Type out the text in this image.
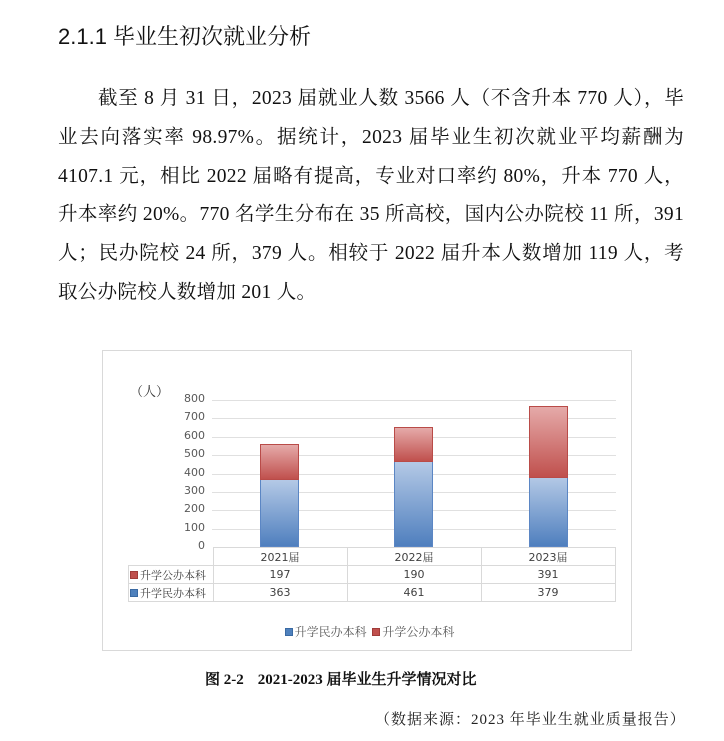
2.1.1 毕业生初次就业分析
截至 8 月 31 日，2023 届就业人数 3566 人（不含升本 770 人），毕业去向落实率 98.97%。据统计，2023 届毕业生初次就业平均薪酬为 4107.1 元，相比 2022 届略有提高，专业对口率约 80%，升本 770 人，升本率约 20%。770 名学生分布在 35 所高校，国内公办院校 11 所，391 人；民办院校 24 所，379 人。相较于 2022 届升本人数增加 119 人，考取公办院校人数增加 201 人。
（人）
0
100
200
300
400
500
600
700
800
	2021届	2022届	2023届
升学公办本科	197	190	391
升学民办本科	363	461	379
升学民办本科 升学公办本科
图 2-2 2021-2023 届毕业生升学情况对比
（数据来源：2023 年毕业生就业质量报告）
